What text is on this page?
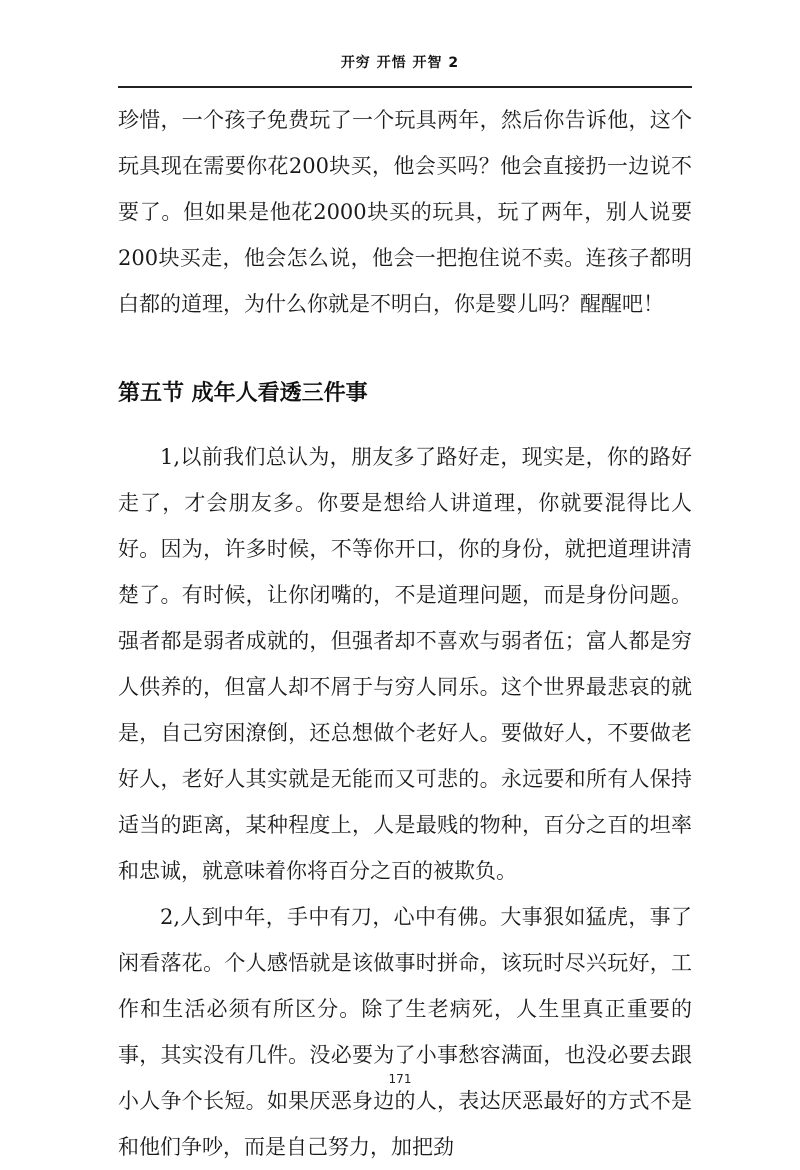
开穷 开悟 开智 2

珍惜，一个孩子免费玩了一个玩具两年，然后你告诉他，这个玩具现在需要你花200块买，他会买吗？他会直接扔一边说不要了。但如果是他花2000块买的玩具，玩了两年，别人说要200块买走，他会怎么说，他会一把抱住说不卖。连孩子都明白都的道理，为什么你就是不明白，你是婴儿吗？醒醒吧！

第五节 成年人看透三件事

1,以前我们总认为，朋友多了路好走，现实是，你的路好走了，才会朋友多。你要是想给人讲道理，你就要混得比人好。因为，许多时候，不等你开口，你的身份，就把道理讲清楚了。有时候，让你闭嘴的，不是道理问题，而是身份问题。强者都是弱者成就的，但强者却不喜欢与弱者伍；富人都是穷人供养的，但富人却不屑于与穷人同乐。这个世界最悲哀的就是，自己穷困潦倒，还总想做个老好人。要做好人，不要做老好人，老好人其实就是无能而又可悲的。永远要和所有人保持适当的距离，某种程度上，人是最贱的物种，百分之百的坦率和忠诚，就意味着你将百分之百的被欺负。

2,人到中年，手中有刀，心中有佛。大事狠如猛虎，事了闲看落花。个人感悟就是该做事时拼命，该玩时尽兴玩好，工作和生活必须有所区分。除了生老病死，人生里真正重要的事，其实没有几件。没必要为了小事愁容满面，也没必要去跟小人争个长短。如果厌恶身边的人，表达厌恶最好的方式不是和他们争吵，而是自己努力，加把劲

171
